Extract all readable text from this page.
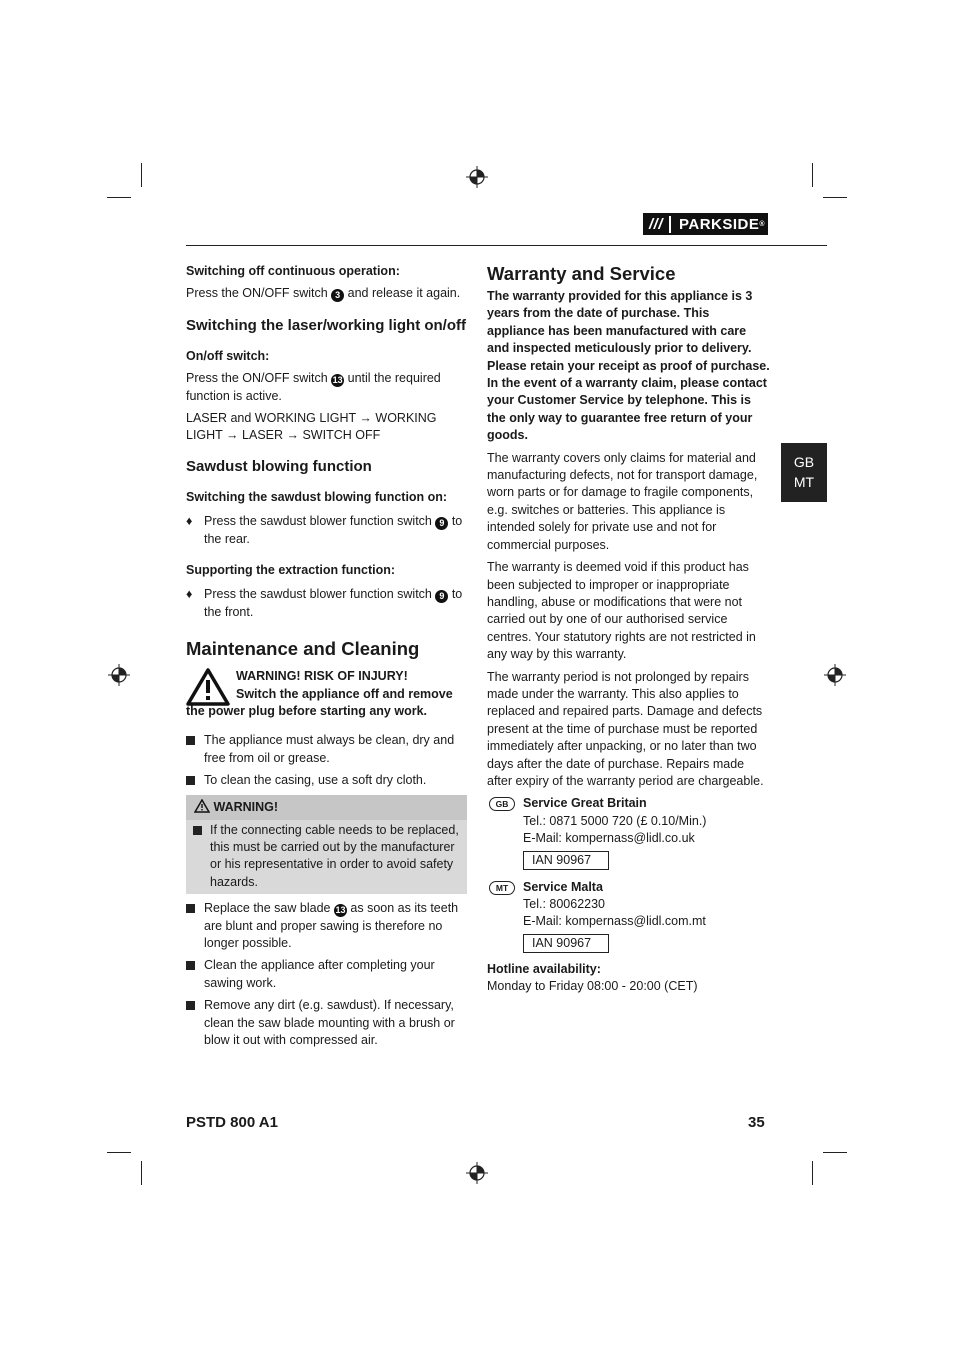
///	PARKSIDE ®
GB
MT

Switching off continuous operation:

Press the ON/OFF switch 3 and release it again.

Switching the laser/working light on/off

On/off switch:

Press the ON/OFF switch 13 until the required function is active.

LASER and WORKING LIGHT → WORKING LIGHT → LASER → SWITCH OFF

Sawdust blowing function

Switching the sawdust blowing function on:

♦ Press the sawdust blower function switch 9 to the rear.

Supporting the extraction function:

♦ Press the sawdust blower function switch 9 to the front.

Maintenance and Cleaning

WARNING! RISK OF INJURY!
Switch the appliance off and remove
the power plug before starting any work.
The appliance must always be clean, dry and free from oil or grease.
To clean the casing, use a soft dry cloth.
WARNING!
If the connecting cable needs to be replaced, this must be carried out by the manufacturer or his representative in order to avoid safety hazards.
Replace the saw blade 13 as soon as its teeth are blunt and proper sawing is therefore no longer possible.
Clean the appliance after completing your sawing work.
Remove any dirt (e.g. sawdust). If necessary, clean the saw blade mounting with a brush or blow it out with compressed air.

Warranty and Service

The warranty provided for this appliance is 3 years from the date of purchase. This appliance has been manufactured with care and inspected meticulously prior to delivery. Please retain your receipt as proof of purchase.

In the event of a warranty claim, please contact your Customer Service by telephone. This is the only way to guarantee free return of your goods.

The warranty covers only claims for material and manufacturing defects, not for transport damage, worn parts or for damage to fragile components, e.g. switches or batteries. This appliance is intended solely for private use and not for commercial purposes.

The warranty is deemed void if this product has been subjected to improper or inappropriate handling, abuse or modifications that were not carried out by one of our authorised service centres. Your statutory rights are not restricted in any way by this warranty.

The warranty period is not prolonged by repairs made under the warranty. This also applies to replaced and repaired parts. Damage and defects present at the time of purchase must be reported immediately after unpacking, or no later than two days after the date of purchase. Repairs made after expiry of the warranty period are chargeable.

GB	Service Great Britain
Tel.: 0871 5000 720 (£ 0.10/Min.)
E-Mail: kompernass@lidl.co.uk
IAN 90967
MT	Service Malta
Tel.: 80062230
E-Mail: kompernass@lidl.com.mt
IAN 90967

Hotline availability:

Monday to Friday 08:00 - 20:00 (CET)

PSTD 800 A1	35
